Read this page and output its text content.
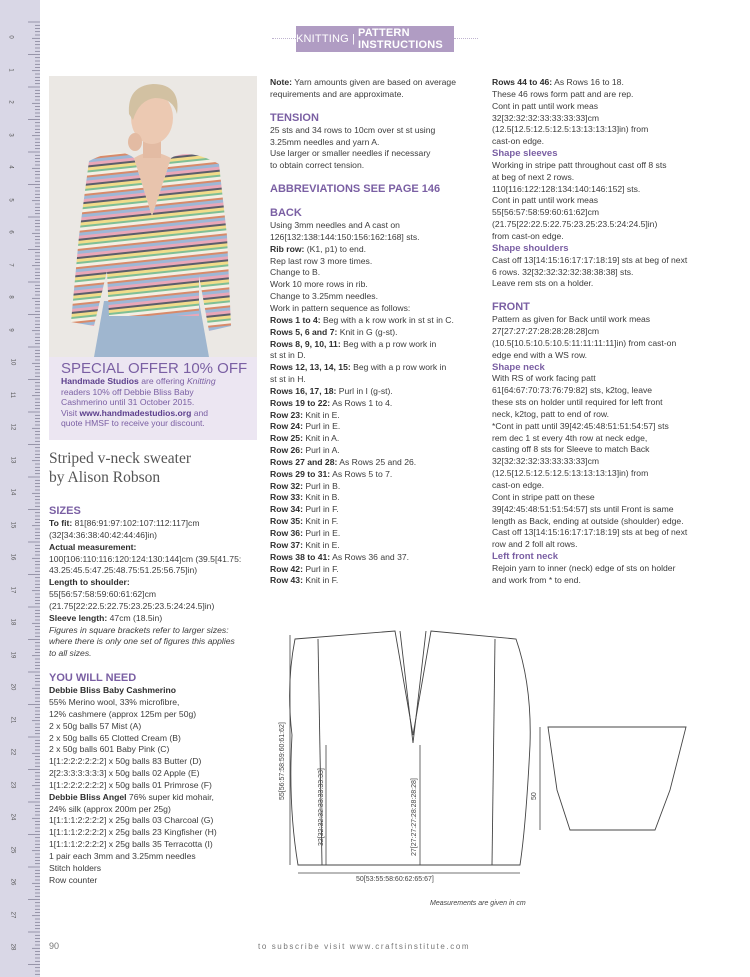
0
1
2
3
4
5
6
7
8
9
10
11
12
13
14
15
16
17
18
19
20
21
22
23
24
25
26
27
28
KNITTING | PATTERN INSTRUCTIONS
SPECIAL OFFER 10% OFF
Handmade Studios are offering Knitting
readers 10% off Debbie Bliss Baby
Cashmerino until 31 October 2015.
Visit www.handmadestudios.org and
quote HMSF to receive your discount.
Striped v-neck sweater
by Alison Robson

SIZES

To fit: 81[86:91:97:102:107:112:117]cm

(32[34:36:38:40:42:44:46]in)

Actual measurement:

100[106:110:116:120:124:130:144]cm (39.5[41.75:

43.25:45.5:47.25:48.75:51.25:56.75]in)

Length to shoulder:

55[56:57:58:59:60:61:62]cm

(21.75[22:22.5:22.75:23.25:23.5:24:24.5]in)

Sleeve length: 47cm (18.5in)

Figures in square brackets refer to larger sizes:

where there is only one set of figures this applies

to all sizes.

YOU WILL NEED

Debbie Bliss Baby Cashmerino

55% Merino wool, 33% microfibre,

12% cashmere (approx 125m per 50g)

2 x 50g balls 57 Mist (A)

2 x 50g balls 65 Clotted Cream (B)

2 x 50g balls 601 Baby Pink (C)

1[1:2:2:2:2:2:2] x 50g balls 83 Butter (D)

2[2:3:3:3:3:3:3] x 50g balls 02 Apple (E)

1[1:2:2:2:2:2:2] x 50g balls 01 Primrose (F)

Debbie Bliss Angel 76% super kid mohair,

24% silk (approx 200m per 25g)

1[1:1:1:2:2:2:2] x 25g balls 03 Charcoal (G)

1[1:1:1:2:2:2:2] x 25g balls 23 Kingfisher (H)

1[1:1:1:2:2:2:2] x 25g balls 35 Terracotta (I)

1 pair each 3mm and 3.25mm needles

Stitch holders

Row counter

Note: Yarn amounts given are based on average

requirements and are approximate.

TENSION

25 sts and 34 rows to 10cm over st st using

3.25mm needles and yarn A.

Use larger or smaller needles if necessary

to obtain correct tension.

ABBREVIATIONS SEE PAGE 146

BACK

Using 3mm needles and A cast on

126[132:138:144:150:156:162:168] sts.

Rib row: (K1, p1) to end.

Rep last row 3 more times.

Change to B.

Work 10 more rows in rib.

Change to 3.25mm needles.

Work in pattern sequence as follows:

Rows 1 to 4: Beg with a k row work in st st in C.

Rows 5, 6 and 7: Knit in G (g-st).

Rows 8, 9, 10, 11: Beg with a p row work in

st st in D.

Rows 12, 13, 14, 15: Beg with a p row work in

st st in H.

Rows 16, 17, 18: Purl in I (g-st).

Rows 19 to 22: As Rows 1 to 4.

Row 23: Knit in E.

Row 24: Purl in E.

Row 25: Knit in A.

Row 26: Purl in A.

Rows 27 and 28: As Rows 25 and 26.

Rows 29 to 31: As Rows 5 to 7.

Row 32: Purl in B.

Row 33: Knit in B.

Row 34: Purl in F.

Row 35: Knit in F.

Row 36: Purl in E.

Row 37: Knit in E.

Rows 38 to 41: As Rows 36 and 37.

Row 42: Purl in F.

Row 43: Knit in F.

Rows 44 to 46: As Rows 16 to 18.

These 46 rows form patt and are rep.

Cont in patt until work meas

32[32:32:32:33:33:33:33]cm

(12.5[12.5:12.5:12.5:13:13:13:13]in) from

cast-on edge.

Shape sleeves

Working in stripe patt throughout cast off 8 sts

at beg of next 2 rows.

110[116:122:128:134:140:146:152] sts.

Cont in patt until work meas

55[56:57:58:59:60:61:62]cm

(21.75[22:22.5:22.75:23.25:23.5:24:24.5]in)

from cast-on edge.

Shape shoulders

Cast off 13[14:15:16:17:17:18:19] sts at beg of next

6 rows. 32[32:32:32:32:38:38:38] sts.

Leave rem sts on a holder.

FRONT

Pattern as given for Back until work meas

27[27:27:27:28:28:28:28]cm

(10.5[10.5:10.5:10.5:11:11:11:11]in) from cast-on

edge end with a WS row.

Shape neck

With RS of work facing patt

61[64:67:70:73:76:79:82] sts, k2tog, leave

these sts on holder until required for left front

neck, k2tog, patt to end of row.

*Cont in patt until 39[42:45:48:51:51:54:57] sts

rem dec 1 st every 4th row at neck edge,

casting off 8 sts for Sleeve to match Back

32[32:32:32:33:33:33:33]cm

(12.5[12.5:12.5:12.5:13:13:13:13]in) from

cast-on edge.

Cont in stripe patt on these

39[42:45:48:51:51:54:57] sts until Front is same

length as Back, ending at outside (shoulder) edge.

Cast off 13[14:15:16:17:17:18:19] sts at beg of next

row and 2 foll alt rows.

Left front neck

Rejoin yarn to inner (neck) edge of sts on holder

and work from * to end.

55[56:57:58:59:60:61:62]
32[32:32:32:33:33:33:33]	27[27:27:27:28:28:28:28]
50[53:55:58:60:62:65:67]
50
Measurements are given in cm
90	to subscribe visit www.craftsinstitute.com
